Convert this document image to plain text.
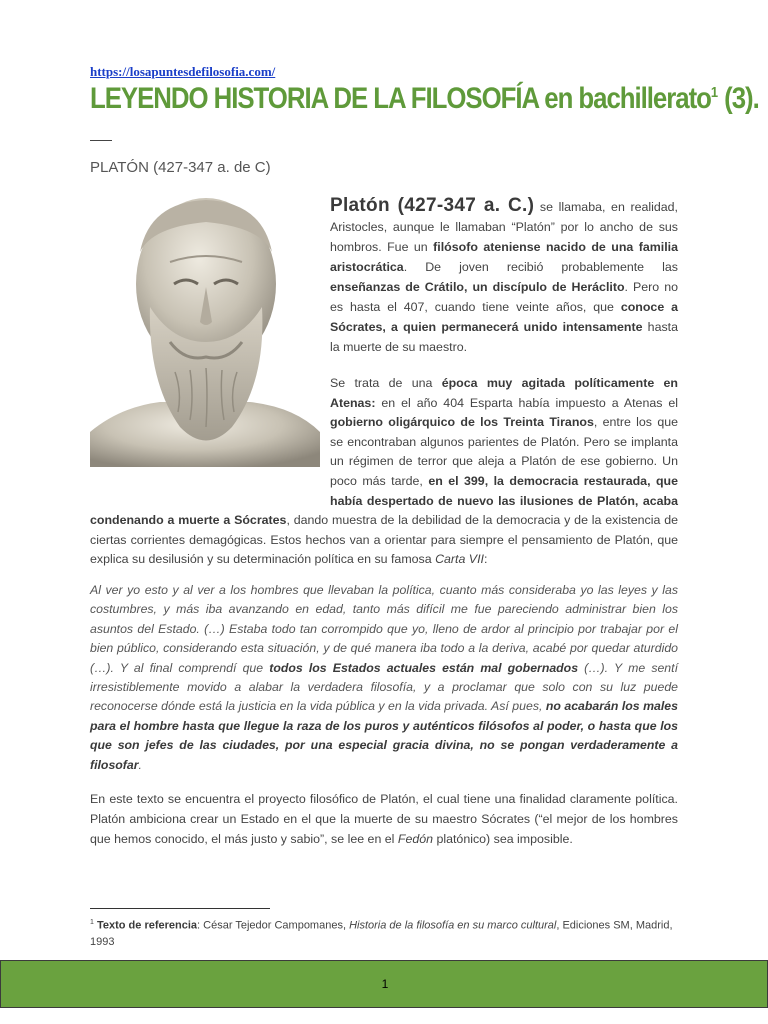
https://losapuntesdefilosofia.com/
LEYENDO HISTORIA DE LA FILOSOFÍA en bachillerato$^1$ (3).
PLATÓN (427-347 a. de C)
Platón (427-347 a. C.) se llamaba, en realidad, Aristocles, aunque le llamaban “Platón” por lo ancho de sus hombros. Fue un filósofo ateniense nacido de una familia aristocrática. De joven recibió probablemente las enseñanzas de Crátilo, un discípulo de Heráclito. Pero no es hasta el 407, cuando tiene veinte años, que conoce a Sócrates, a quien permanecerá unido intensamente hasta la muerte de su maestro.
Se trata de una época muy agitada políticamente en Atenas: en el año 404 Esparta había impuesto a Atenas el gobierno oligárquico de los Treinta Tiranos, entre los que se encontraban algunos parientes de Platón. Pero se implanta un régimen de terror que aleja a Platón de ese gobierno. Un poco más tarde, en el 399, la democracia restaurada, que había despertado de nuevo las ilusiones de Platón, acaba condenando a muerte a Sócrates, dando muestra de la debilidad de la democracia y de la existencia de ciertas corrientes demagógicas. Estos hechos van a orientar para siempre el pensamiento de Platón, que explica su desilusión y su determinación política en su famosa Carta VII:
Al ver yo esto y al ver a los hombres que llevaban la política, cuanto más consideraba yo las leyes y las costumbres, y más iba avanzando en edad, tanto más difícil me fue pareciendo administrar bien los asuntos del Estado. (…) Estaba todo tan corrompido que yo, lleno de ardor al principio por trabajar por el bien público, considerando esta situación, y de qué manera iba todo a la deriva, acabé por quedar aturdido (…). Y al final comprendí que todos los Estados actuales están mal gobernados (…). Y me sentí irresistiblemente movido a alabar la verdadera filosofía, y a proclamar que solo con su luz puede reconocerse dónde está la justicia en la vida pública y en la vida privada. Así pues, no acabarán los males para el hombre hasta que llegue la raza de los puros y auténticos filósofos al poder, o hasta que los que son jefes de las ciudades, por una especial gracia divina, no se pongan verdaderamente a filosofar.
En este texto se encuentra el proyecto filosófico de Platón, el cual tiene una finalidad claramente política. Platón ambiciona crear un Estado en el que la muerte de su maestro Sócrates (“el mejor de los hombres que hemos conocido, el más justo y sabio”, se lee en el Fedón platónico) sea imposible.
$^1$ Texto de referencia: César Tejedor Campomanes, Historia de la filosofía en su marco cultural, Ediciones SM, Madrid, 1993
1
